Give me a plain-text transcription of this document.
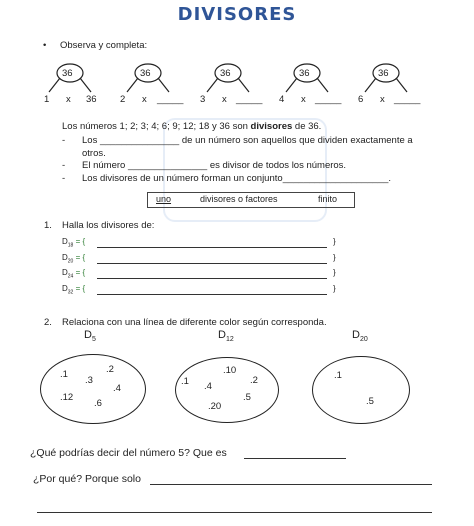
DIVISORES
• Observa y completa:
36	36	36	36	36
1 x 36 2 x _____ 3 x _____ 4 x _____ 6 x _____
Los números 1; 2; 3; 4; 6; 9; 12; 18 y 36 son divisores de 36.
- Los _______________ de un número son aquellos que dividen exactamente a
otros.
- El número _______________ es divisor de todos los números.
- Los divisores de un número forman un conjunto____________________.
uno	divisores o factores	finito
1. Halla los divisores de:
$D_{18}$ = {	}
$D_{20}$ = {	}
$D_{24}$ = {	}
$D_{32}$ = {	}
2. Relaciona con una línea de diferente color según corresponda.
$D_5$	$D_{12}$	$D_{20}$
.1	.2
.3
.4
.12
.6
.10
.1	.2
.4
.5
.20
.1
.5
¿Qué podrías decir del número 5? Que es
¿Por qué? Porque solo
